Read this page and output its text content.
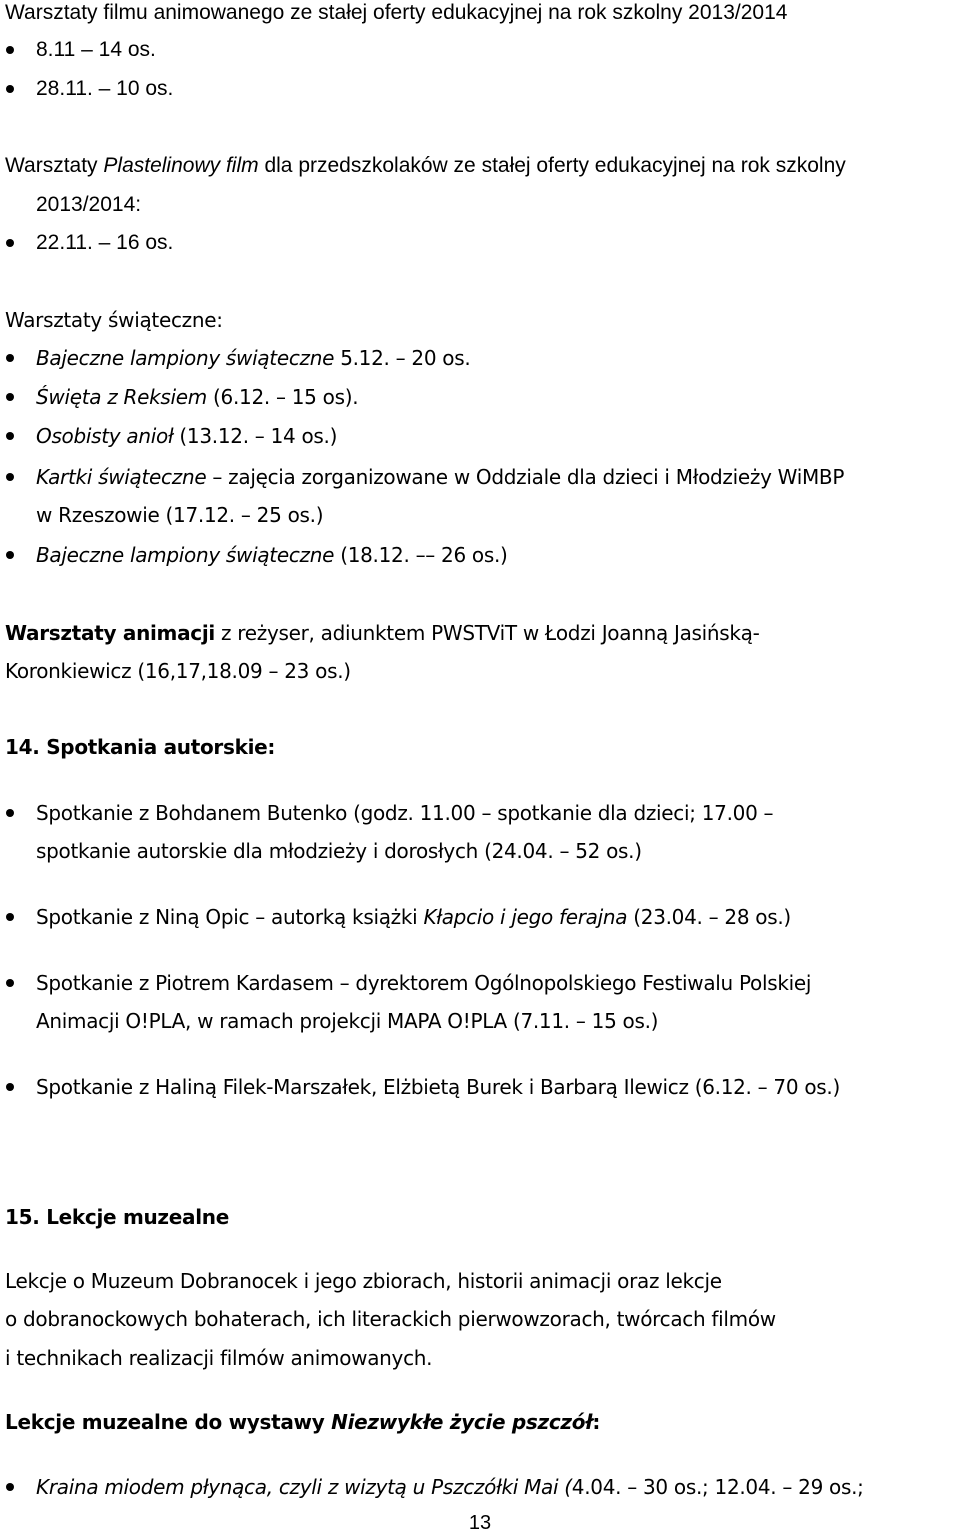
Warsztaty filmu animowanego ze stałej oferty edukacyjnej na rok szkolny 2013/2014
8.11 – 14 os.
28.11. – 10 os.
Warsztaty Plastelinowy film dla przedszkolaków ze stałej oferty edukacyjnej na rok szkolny
2013/2014:
22.11. – 16 os.
Warsztaty świąteczne:
Bajeczne lampiony świąteczne 5.12. – 20 os.
Święta z Reksiem (6.12. – 15 os).
Osobisty anioł (13.12. – 14 os.)
Kartki świąteczne – zajęcia zorganizowane w Oddziale dla dzieci i Młodzieży WiMBP
w Rzeszowie (17.12. – 25 os.)
Bajeczne lampiony świąteczne (18.12. –– 26 os.)
Warsztaty animacji z reżyser, adiunktem PWSTViT w Łodzi Joanną Jasińską-
Koronkiewicz (16,17,18.09 – 23 os.)
14. Spotkania autorskie:
Spotkanie z Bohdanem Butenko (godz. 11.00 – spotkanie dla dzieci; 17.00 –
spotkanie autorskie dla młodzieży i dorosłych (24.04. – 52 os.)
Spotkanie z Niną Opic – autorką książki Kłapcio i jego ferajna (23.04. – 28 os.)
Spotkanie z Piotrem Kardasem – dyrektorem Ogólnopolskiego Festiwalu Polskiej
Animacji O!PLA, w ramach projekcji MAPA O!PLA (7.11. – 15 os.)
Spotkanie z Haliną Filek-Marszałek, Elżbietą Burek i Barbarą Ilewicz (6.12. – 70 os.)
15. Lekcje muzealne
Lekcje o Muzeum Dobranocek i jego zbiorach, historii animacji oraz lekcje
o dobranockowych bohaterach, ich literackich pierwowzorach, twórcach filmów
i technikach realizacji filmów animowanych.
Lekcje muzealne do wystawy Niezwykłe życie pszczół:
Kraina miodem płynąca, czyli z wizytą u Pszczółki Mai (4.04. – 30 os.; 12.04. – 29 os.;
13
